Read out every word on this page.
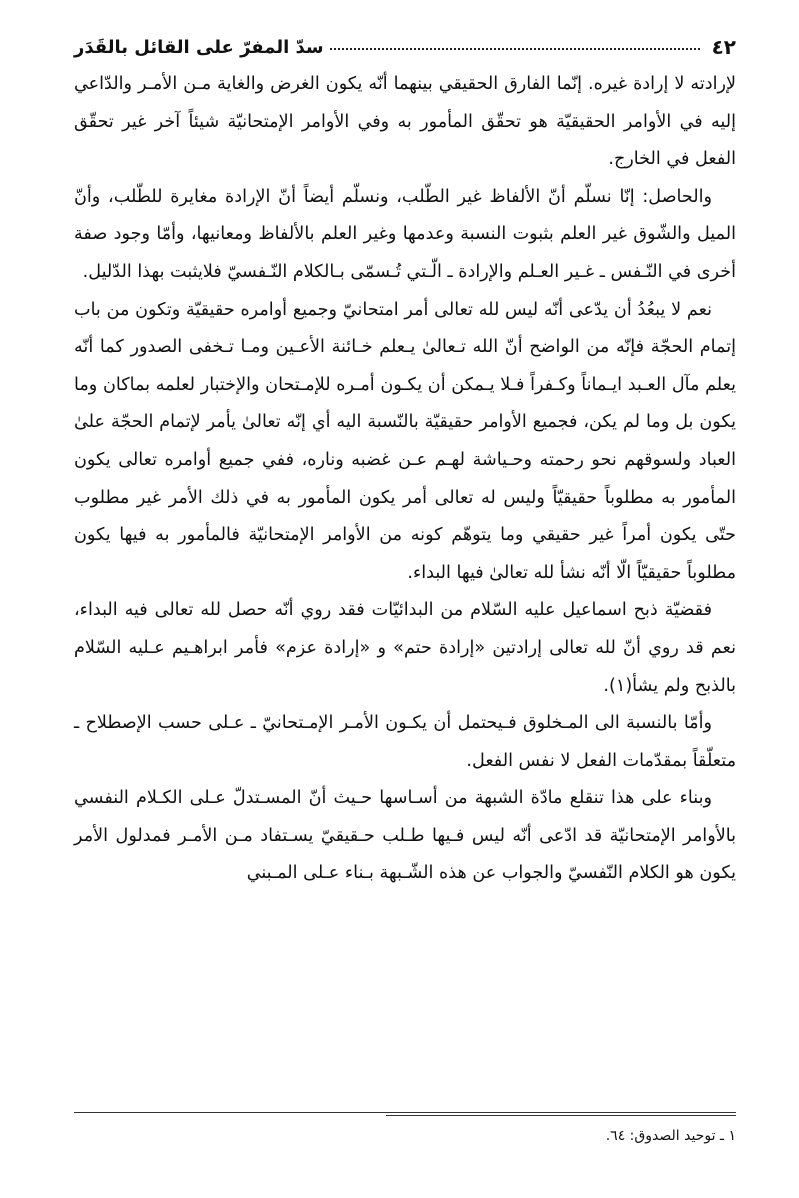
٤٢
سدّ المفرّ على القائل بالقَدَر

لإرادته لا إرادة غيره. إنّما الفارق الحقيقي بينهما أنّه يكون الغرض والغاية مـن الأمـر والدّاعي إليه في الأوامر الحقيقيّة هو تحقّق المأمور به وفي الأوامر الإمتحانيّة شيئاً آخر غير تحقّق الفعل في الخارج.

والحاصل: إنّا نسلّم أنّ الألفاظ غير الطّلب، ونسلّم أيضاً أنّ الإرادة مغايرة للطّلب، وأنّ الميل والشّوق غير العلم بثبوت النسبة وعدمها وغير العلم بالألفاظ ومعانيها، وأمّا وجود صفة أخرى في النّـفس ـ غـير العـلم والإرادة ـ الّـتي تُـسمّى بـالكلام النّـفسيّ فلايثبت بهذا الدّليل.

نعم لا يبعُدُ أن يدّعى أنّه ليس لله تعالى أمر امتحانيّ وجميع أوامره حقيقيّة وتكون من باب إتمام الحجّة فإنّه من الواضح أنّ الله تـعالىٰ يـعلم خـائنة الأعـين ومـا تـخفى الصدور كما أنّه يعلم مآل العـبد ايـماناً وكـفراً فـلا يـمكن أن يكـون أمـره للإمـتحان والإختبار لعلمه بماكان وما يكون بل وما لم يكن، فجميع الأوامر حقيقيّة بالنّسبة اليه أي إنّه تعالىٰ يأمر لإتمام الحجّة علىٰ العباد ولسوقهم نحو رحمته وحـياشة لهـم عـن غضبه وناره، ففي جميع أوامره تعالى يكون المأمور به مطلوباً حقيقيّاً وليس له تعالى أمر يكون المأمور به في ذلك الأمر غير مطلوب حتّى يكون أمراً غير حقيقي وما يتوهّم كونه من الأوامر الإمتحانيّة فالمأمور به فيها يكون مطلوباً حقيقيّاً الّا أنّه نشأ لله تعالىٰ فيها البداء.

فقضيّة ذبح اسماعيل عليه السّلام من البدائيّات فقد روي أنّه حصل لله تعالى فيه البداء، نعم قد روي أنّ لله تعالى إرادتين «إرادة حتم» و «إرادة عزم» فأمر ابراهـيم عـليه السّلام بالذبح ولم يشأ(١).

وأمّا بالنسبة الى المـخلوق فـيحتمل أن يكـون الأمـر الإمـتحانيّ ـ عـلى حسب الإصطلاح ـ متعلّقاً بمقدّمات الفعل لا نفس الفعل.

وبناء على هذا تنقلع مادّة الشبهة من أسـاسها حـيث أنّ المسـتدلّ عـلى الكـلام النفسي بالأوامر الإمتحانيّة قد ادّعى أنّه ليس فـيها طـلب حـقيقيّ يسـتفاد مـن الأمـر فمدلول الأمر يكون هو الكلام النّفسيّ والجواب عن هذه الشّـبهة بـناء عـلى المـبني

١ ـ توحيد الصدوق: ٦٤.
